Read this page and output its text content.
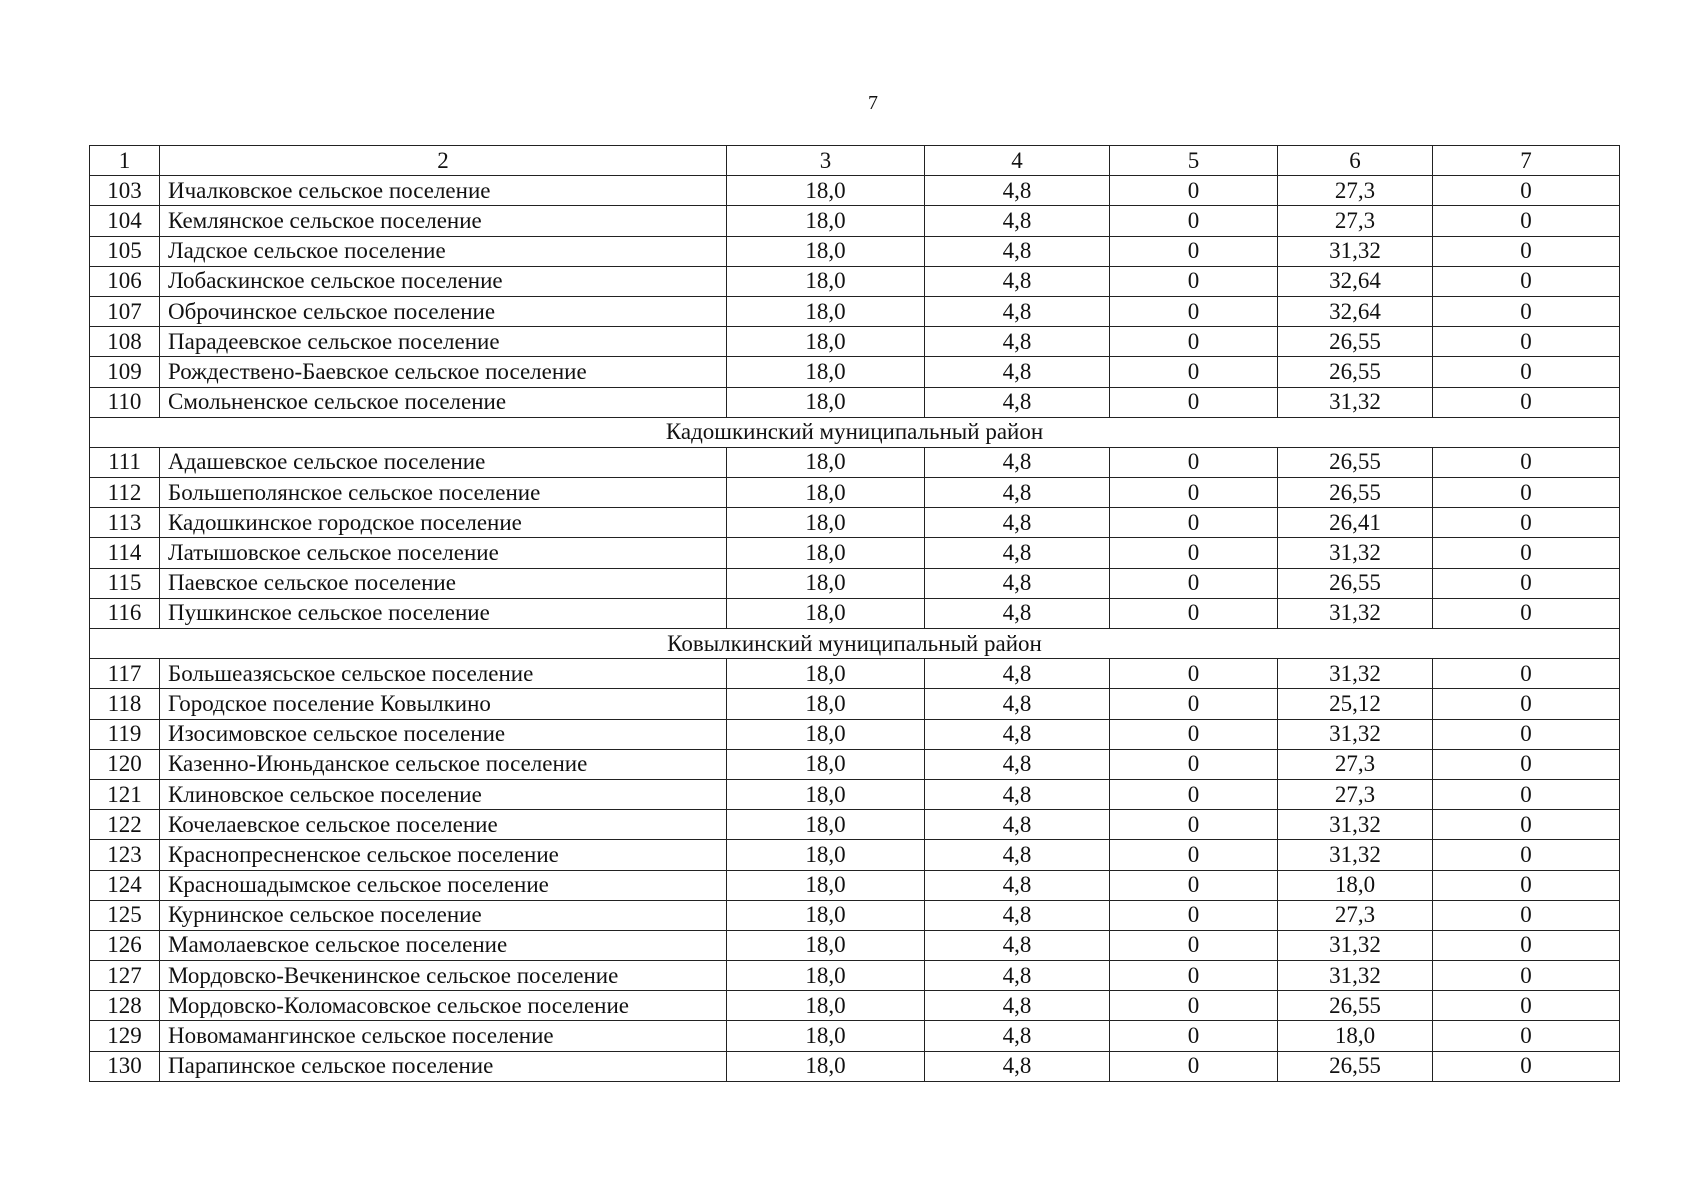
7
1	2	3	4	5	6	7
103	Ичалковское сельское поселение	18,0	4,8	0	27,3	0
104	Кемлянское сельское поселение	18,0	4,8	0	27,3	0
105	Ладское сельское поселение	18,0	4,8	0	31,32	0
106	Лобаскинское сельское поселение	18,0	4,8	0	32,64	0
107	Оброчинское сельское поселение	18,0	4,8	0	32,64	0
108	Парадеевское сельское поселение	18,0	4,8	0	26,55	0
109	Рождествено-Баевское сельское поселение	18,0	4,8	0	26,55	0
110	Смольненское сельское поселение	18,0	4,8	0	31,32	0
Кадошкинский муниципальный район						
111	Адашевское сельское поселение	18,0	4,8	0	26,55	0
112	Большеполянское сельское поселение	18,0	4,8	0	26,55	0
113	Кадошкинское городское поселение	18,0	4,8	0	26,41	0
114	Латышовское сельское поселение	18,0	4,8	0	31,32	0
115	Паевское сельское поселение	18,0	4,8	0	26,55	0
116	Пушкинское сельское поселение	18,0	4,8	0	31,32	0
Ковылкинский муниципальный район						
117	Большеазясьское сельское поселение	18,0	4,8	0	31,32	0
118	Городское поселение Ковылкино	18,0	4,8	0	25,12	0
119	Изосимовское сельское поселение	18,0	4,8	0	31,32	0
120	Казенно-Июньданское сельское поселение	18,0	4,8	0	27,3	0
121	Клиновское сельское поселение	18,0	4,8	0	27,3	0
122	Кочелаевское сельское поселение	18,0	4,8	0	31,32	0
123	Краснопресненское сельское поселение	18,0	4,8	0	31,32	0
124	Красношадымское сельское поселение	18,0	4,8	0	18,0	0
125	Курнинское сельское поселение	18,0	4,8	0	27,3	0
126	Мамолаевское сельское поселение	18,0	4,8	0	31,32	0
127	Мордовско-Вечкенинское сельское поселение	18,0	4,8	0	31,32	0
128	Мордовско-Коломасовское сельское поселение	18,0	4,8	0	26,55	0
129	Новомамангинское сельское поселение	18,0	4,8	0	18,0	0
130	Парапинское сельское поселение	18,0	4,8	0	26,55	0
